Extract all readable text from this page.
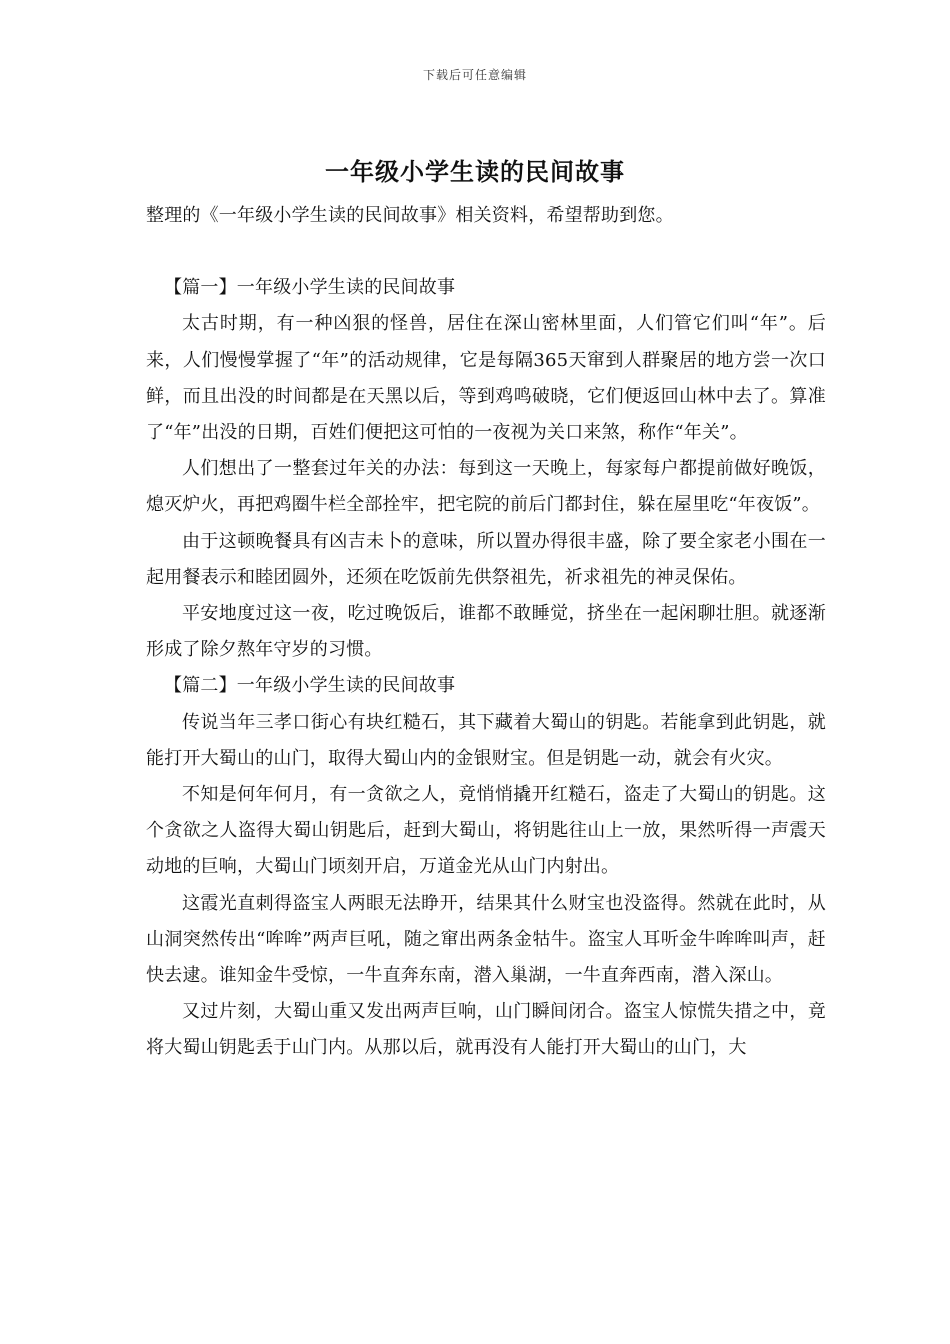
下载后可任意编辑
一年级小学生读的民间故事

整理的《一年级小学生读的民间故事》相关资料，希望帮助到您。

【篇一】一年级小学生读的民间故事

太古时期，有一种凶狠的怪兽，居住在深山密林里面，人们管它们叫“年”。后来，人们慢慢掌握了“年”的活动规律，它是每隔365天窜到人群聚居的地方尝一次口鲜，而且出没的时间都是在天黑以后，等到鸡鸣破晓，它们便返回山林中去了。算准了“年”出没的日期，百姓们便把这可怕的一夜视为关口来煞，称作“年关”。

人们想出了一整套过年关的办法：每到这一天晚上，每家每户都提前做好晚饭，熄灭炉火，再把鸡圈牛栏全部拴牢，把宅院的前后门都封住，躲在屋里吃“年夜饭”。

由于这顿晚餐具有凶吉未卜的意味，所以置办得很丰盛，除了要全家老小围在一起用餐表示和睦团圆外，还须在吃饭前先供祭祖先，祈求祖先的神灵保佑。

平安地度过这一夜，吃过晚饭后，谁都不敢睡觉，挤坐在一起闲聊壮胆。就逐渐形成了除夕熬年守岁的习惯。

【篇二】一年级小学生读的民间故事

传说当年三孝口街心有块红糙石，其下藏着大蜀山的钥匙。若能拿到此钥匙，就能打开大蜀山的山门，取得大蜀山内的金银财宝。但是钥匙一动，就会有火灾。

不知是何年何月，有一贪欲之人，竟悄悄撬开红糙石，盗走了大蜀山的钥匙。这个贪欲之人盗得大蜀山钥匙后，赶到大蜀山，将钥匙往山上一放，果然听得一声震天动地的巨响，大蜀山门顷刻开启，万道金光从山门内射出。

这霞光直刺得盗宝人两眼无法睁开，结果其什么财宝也没盗得。然就在此时，从山洞突然传出“哞哞”两声巨吼，随之窜出两条金牯牛。盗宝人耳听金牛哞哞叫声，赶快去逮。谁知金牛受惊，一牛直奔东南，潜入巢湖，一牛直奔西南，潜入深山。

又过片刻，大蜀山重又发出两声巨响，山门瞬间闭合。盗宝人惊慌失措之中，竟将大蜀山钥匙丢于山门内。从那以后，就再没有人能打开大蜀山的山门，大
